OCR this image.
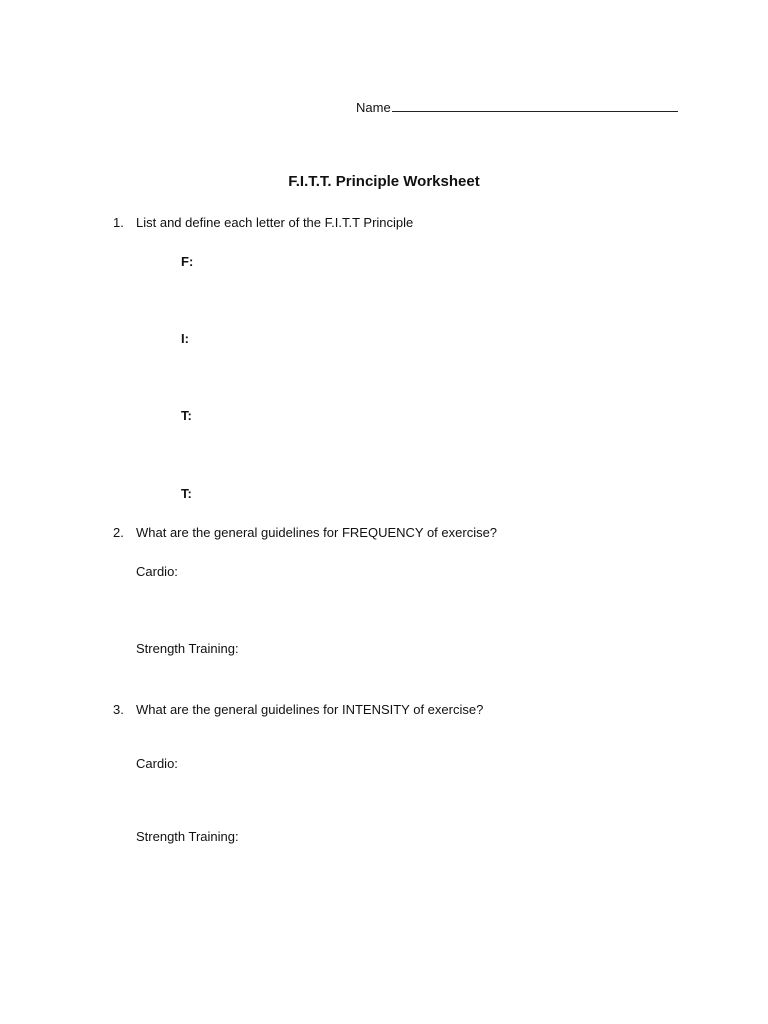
Name
F.I.T.T. Principle Worksheet
1. List and define each letter of the F.I.T.T Principle
F:
I:
T:
T:
2. What are the general guidelines for FREQUENCY of exercise?
Cardio:
Strength Training:
3. What are the general guidelines for INTENSITY of exercise?
Cardio:
Strength Training:
